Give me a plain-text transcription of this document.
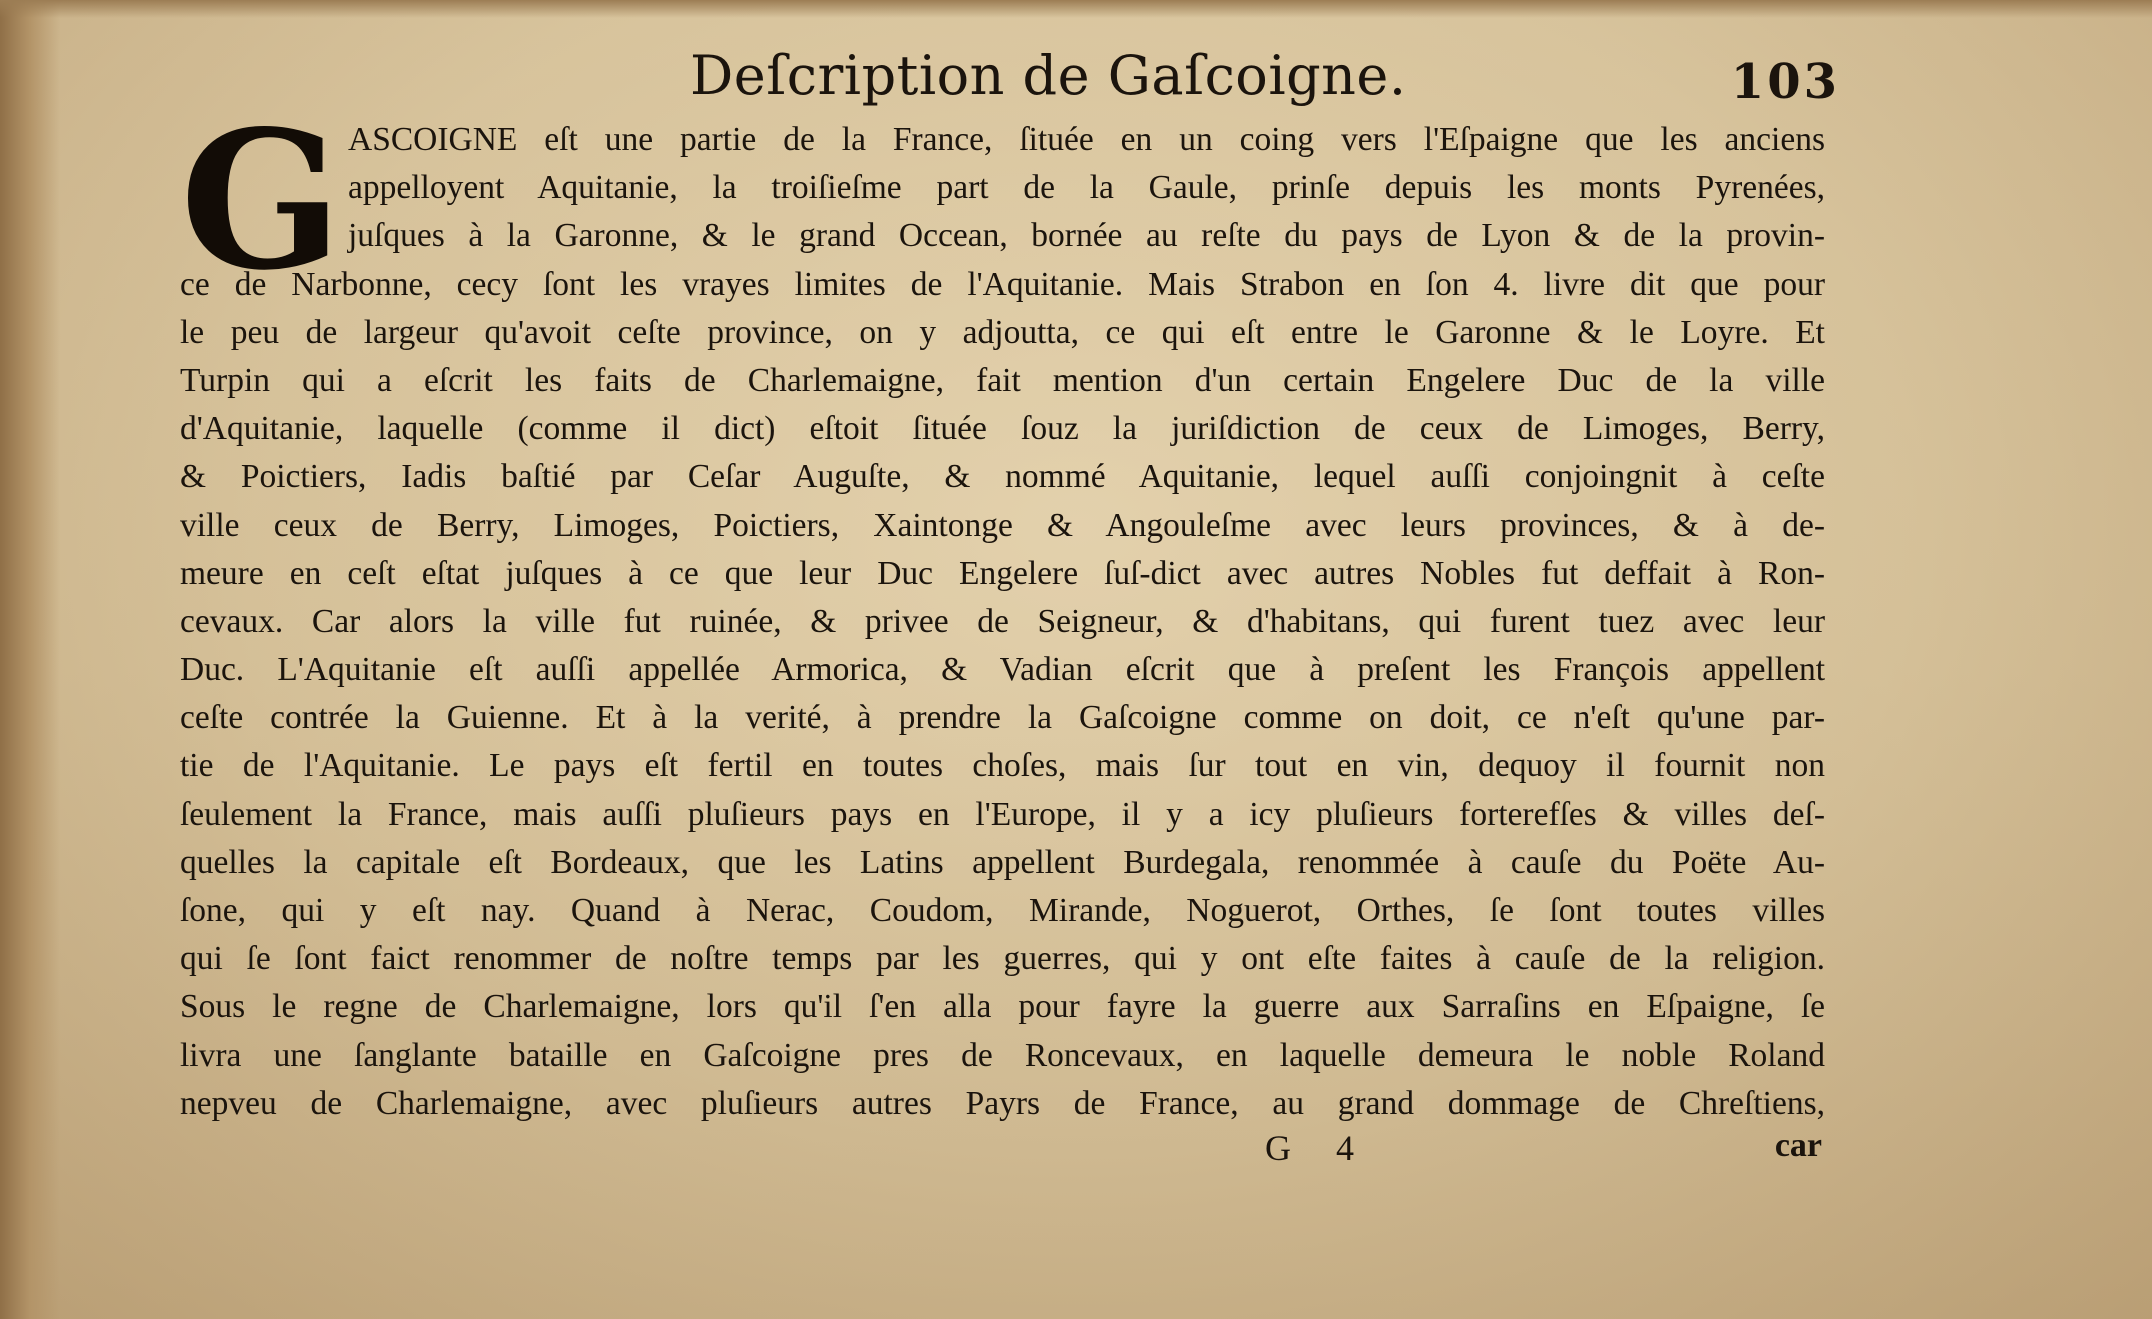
Deſcription de Gaſcoigne.	103
G ASCOIGNE eſt une partie de la France, ſituée en un coing vers l'Eſpaigne que les anciens
appelloyent Aquitanie, la troiſieſme part de la Gaule, prinſe depuis les monts Pyrenées,
juſques à la Garonne, & le grand Occean, bornée au reſte du pays de Lyon & de la provin-
ce de Narbonne, cecy ſont les vrayes limites de l'Aquitanie. Mais Strabon en ſon 4. livre dit que pour
le peu de largeur qu'avoit ceſte province, on y adjoutta, ce qui eſt entre le Garonne & le Loyre. Et
Turpin qui a eſcrit les faits de Charlemaigne, fait mention d'un certain Engelere Duc de la ville
d'Aquitanie, laquelle (comme il dict) eſtoit ſituée ſouz la juriſdiction de ceux de Limoges, Berry,
& Poictiers, Iadis baſtié par Ceſar Auguſte, & nommé Aquitanie, lequel auſſi conjoingnit à ceſte
ville ceux de Berry, Limoges, Poictiers, Xaintonge & Angouleſme avec leurs provinces, & à de-
meure en ceſt eſtat juſques à ce que leur Duc Engelere ſuſ-dict avec autres Nobles fut deffait à Ron-
cevaux. Car alors la ville fut ruinée, & privee de Seigneur, & d'habitans, qui furent tuez avec leur
Duc. L'Aquitanie eſt auſſi appellée Armorica, & Vadian eſcrit que à preſent les François appellent
ceſte contrée la Guienne. Et à la verité, à prendre la Gaſcoigne comme on doit, ce n'eſt qu'une par-
tie de l'Aquitanie. Le pays eſt fertil en toutes choſes, mais ſur tout en vin, dequoy il fournit non
ſeulement la France, mais auſſi pluſieurs pays en l'Europe, il y a icy pluſieurs forterefſes & villes deſ-
quelles la capitale eſt Bordeaux, que les Latins appellent Burdegala, renommée à cauſe du Poëte Au-
ſone, qui y eſt nay. Quand à Nerac, Coudom, Mirande, Noguerot, Orthes, ſe ſont toutes villes
qui ſe ſont faict renommer de noſtre temps par les guerres, qui y ont eſte faites à cauſe de la religion.
Sous le regne de Charlemaigne, lors qu'il ſ'en alla pour fayre la guerre aux Sarraſins en Eſpaigne, ſe
livra une ſanglante bataille en Gaſcoigne pres de Roncevaux, en laquelle demeura le noble Roland
nepveu de Charlemaigne, avec pluſieurs autres Payrs de France, au grand dommage de Chreſtiens,
G 4	car
